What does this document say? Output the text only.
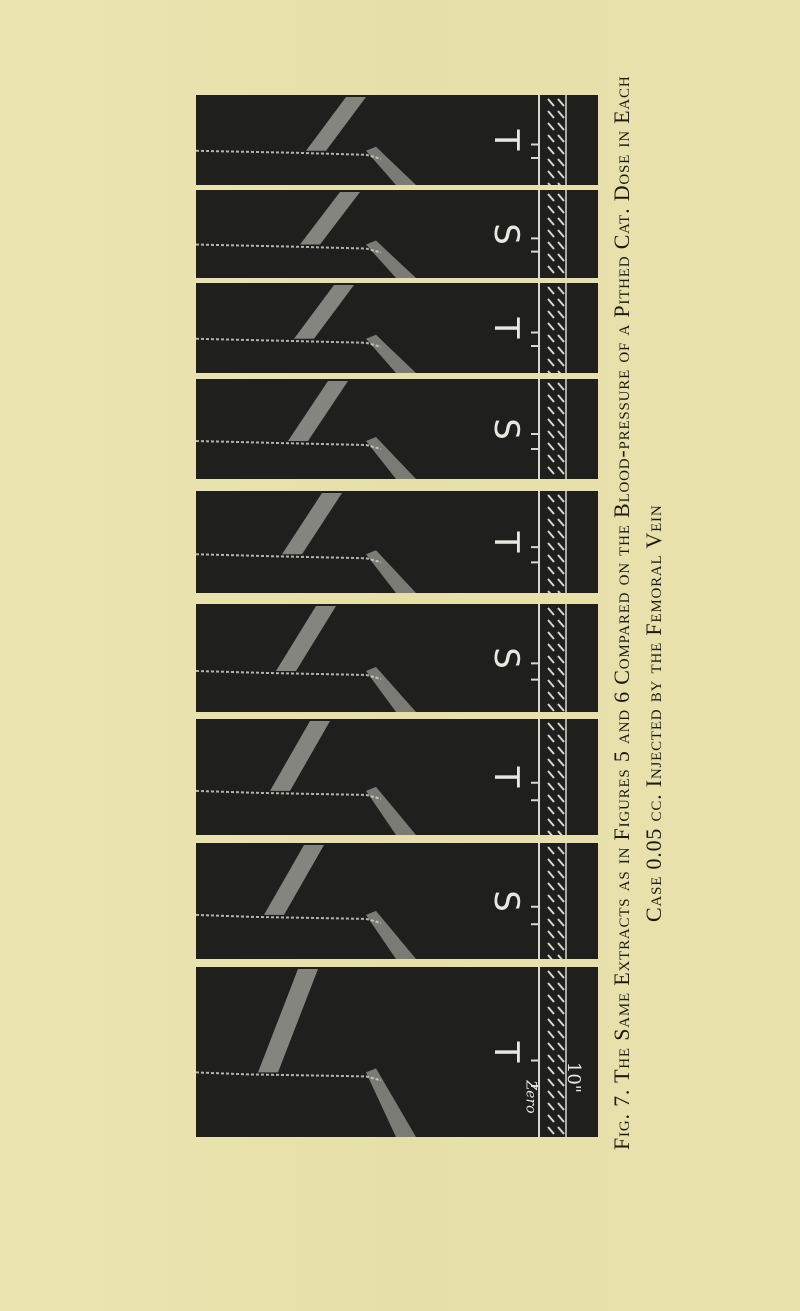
T
S
T
S
T
S
T
S
T
10"
Zero	Fig. 7. The Same Extracts as in Figures 5 and 6 Compared on the Blood-pressure of a Pithed Cat. Dose in Each Case 0.05 cc. Injected by the Femoral Vein
